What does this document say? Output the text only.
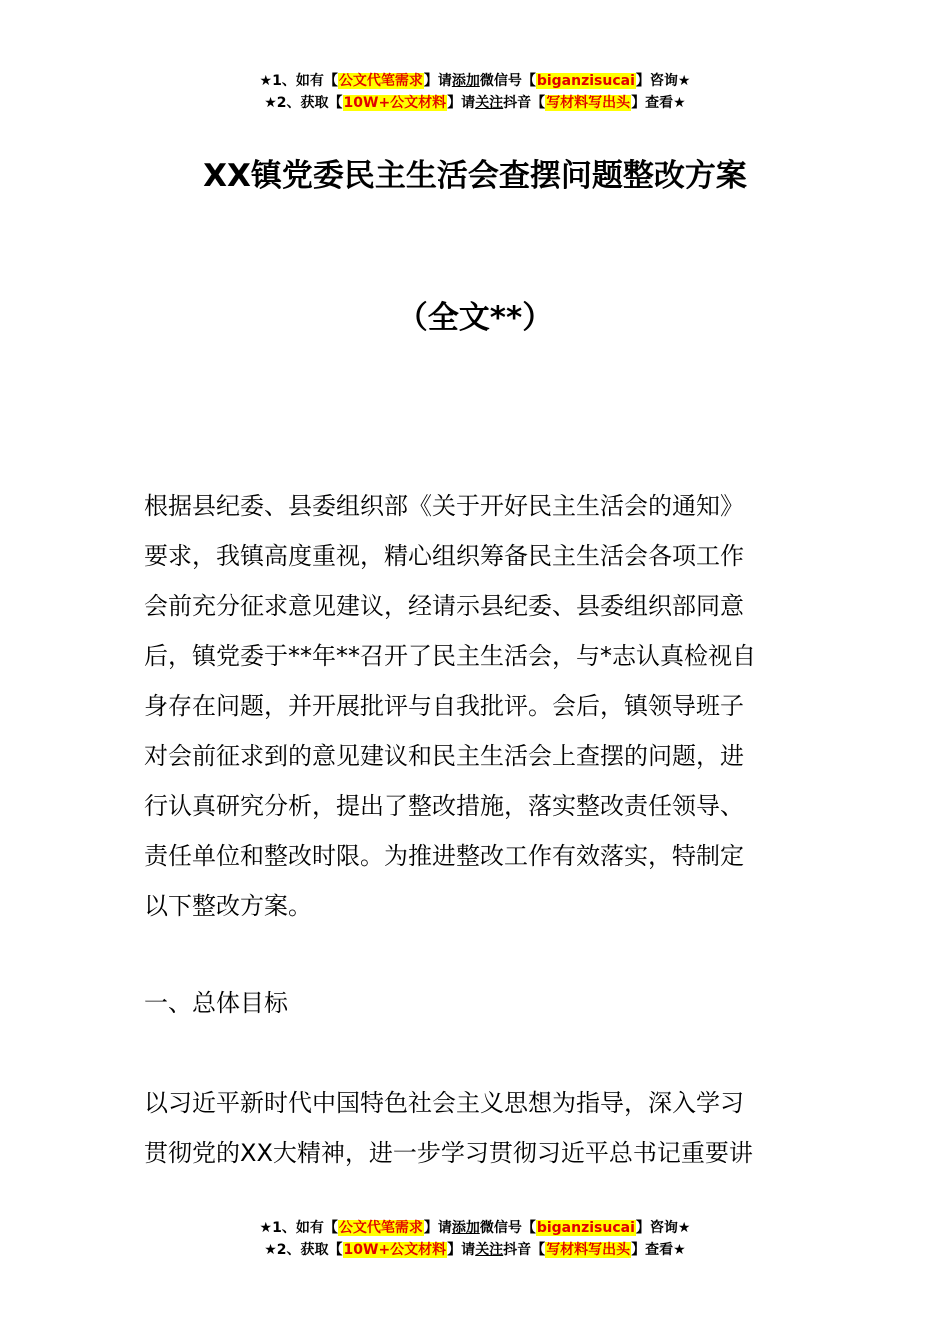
★1、如有【公文代笔需求】请添加微信号【biganzisucai】咨询★
★2、获取【10W+公文材料】请关注抖音【写材料写出头】查看★
XX镇党委民主生活会查摆问题整改方案
（全文**）
根据县纪委、县委组织部《关于开好民主生活会的通知》
要求，我镇高度重视，精心组织筹备民主生活会各项工作
会前充分征求意见建议，经请示县纪委、县委组织部同意
后，镇党委于**年**召开了民主生活会，与*志认真检视自
身存在问题，并开展批评与自我批评。会后，镇领导班子
对会前征求到的意见建议和民主生活会上查摆的问题，进
行认真研究分析，提出了整改措施，落实整改责任领导、
责任单位和整改时限。为推进整改工作有效落实，特制定
以下整改方案。
一、总体目标
以习近平新时代中国特色社会主义思想为指导，深入学习
贯彻党的XX大精神，进一步学习贯彻习近平总书记重要讲
★1、如有【公文代笔需求】请添加微信号【biganzisucai】咨询★
★2、获取【10W+公文材料】请关注抖音【写材料写出头】查看★
